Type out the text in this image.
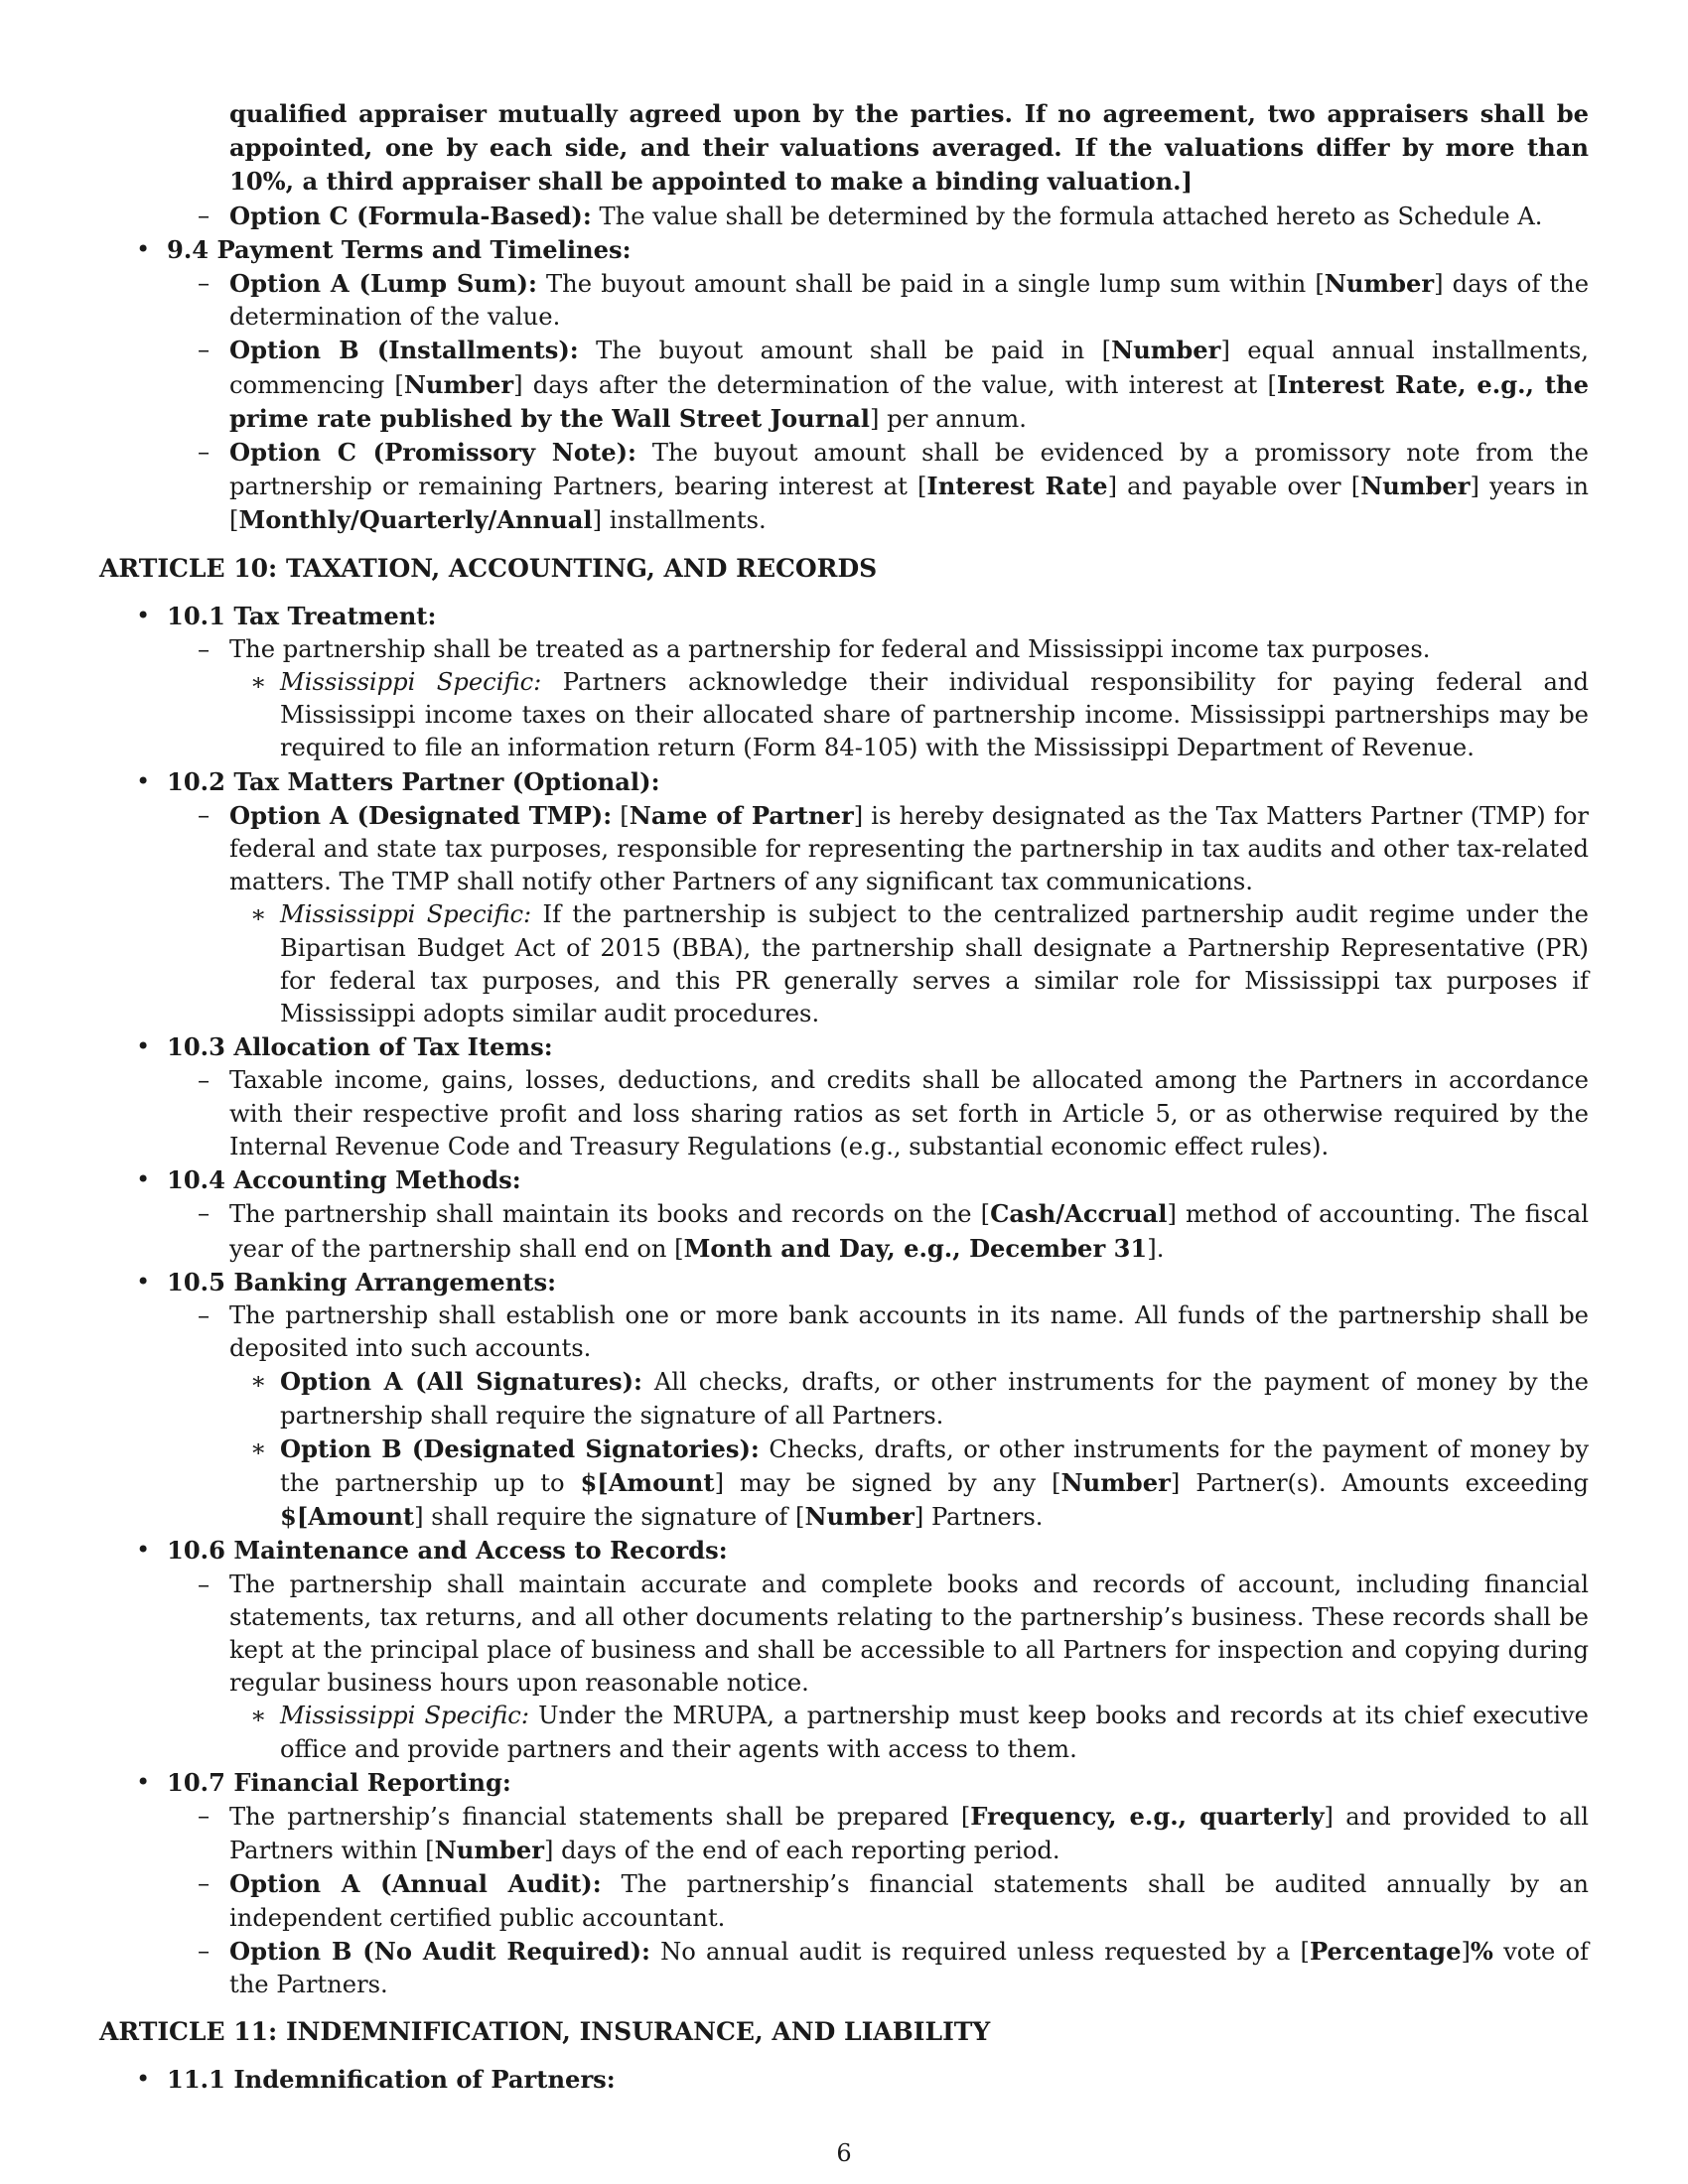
qualified appraiser mutually agreed upon by the parties. If no agreement, two appraisers shall be appointed, one by each side, and their valuations averaged. If the valuations differ by more than 10%, a third appraiser shall be appointed to make a binding valuation.]
– Option C (Formula-Based): The value shall be determined by the formula attached hereto as Schedule A.
• 9.4 Payment Terms and Timelines:
– Option A (Lump Sum): The buyout amount shall be paid in a single lump sum within [Number] days of the determination of the value.
– Option B (Installments): The buyout amount shall be paid in [Number] equal annual installments, commencing [Number] days after the determination of the value, with interest at [Interest Rate, e.g., the prime rate published by the Wall Street Journal] per annum.
– Option C (Promissory Note): The buyout amount shall be evidenced by a promissory note from the partnership or remaining Partners, bearing interest at [Interest Rate] and payable over [Number] years in [Monthly/Quarterly/Annual] installments.
ARTICLE 10: TAXATION, ACCOUNTING, AND RECORDS
• 10.1 Tax Treatment:
– The partnership shall be treated as a partnership for federal and Mississippi income tax purposes.
∗ Mississippi Specific: Partners acknowledge their individual responsibility for paying federal and Mississippi income taxes on their allocated share of partnership income. Mississippi partnerships may be required to file an information return (Form 84-105) with the Mississippi Department of Revenue.
• 10.2 Tax Matters Partner (Optional):
– Option A (Designated TMP): [Name of Partner] is hereby designated as the Tax Matters Partner (TMP) for federal and state tax purposes, responsible for representing the partnership in tax audits and other tax-related matters. The TMP shall notify other Partners of any significant tax communications.
∗ Mississippi Specific: If the partnership is subject to the centralized partnership audit regime under the Bipartisan Budget Act of 2015 (BBA), the partnership shall designate a Partnership Representative (PR) for federal tax purposes, and this PR generally serves a similar role for Mississippi tax purposes if Mississippi adopts similar audit procedures.
• 10.3 Allocation of Tax Items:
– Taxable income, gains, losses, deductions, and credits shall be allocated among the Partners in accordance with their respective profit and loss sharing ratios as set forth in Article 5, or as otherwise required by the Internal Revenue Code and Treasury Regulations (e.g., substantial economic effect rules).
• 10.4 Accounting Methods:
– The partnership shall maintain its books and records on the [Cash/Accrual] method of accounting. The fiscal year of the partnership shall end on [Month and Day, e.g., December 31].
• 10.5 Banking Arrangements:
– The partnership shall establish one or more bank accounts in its name. All funds of the partnership shall be deposited into such accounts.
∗ Option A (All Signatures): All checks, drafts, or other instruments for the payment of money by the partnership shall require the signature of all Partners.
∗ Option B (Designated Signatories): Checks, drafts, or other instruments for the payment of money by the partnership up to $[Amount] may be signed by any [Number] Partner(s). Amounts exceeding $[Amount] shall require the signature of [Number] Partners.
• 10.6 Maintenance and Access to Records:
– The partnership shall maintain accurate and complete books and records of account, including financial statements, tax returns, and all other documents relating to the partnership’s business. These records shall be kept at the principal place of business and shall be accessible to all Partners for inspection and copying during regular business hours upon reasonable notice.
∗ Mississippi Specific: Under the MRUPA, a partnership must keep books and records at its chief executive office and provide partners and their agents with access to them.
• 10.7 Financial Reporting:
– The partnership’s financial statements shall be prepared [Frequency, e.g., quarterly] and provided to all Partners within [Number] days of the end of each reporting period.
– Option A (Annual Audit): The partnership’s financial statements shall be audited annually by an independent certified public accountant.
– Option B (No Audit Required): No annual audit is required unless requested by a [Percentage]% vote of the Partners.
ARTICLE 11: INDEMNIFICATION, INSURANCE, AND LIABILITY
• 11.1 Indemnification of Partners:
6
